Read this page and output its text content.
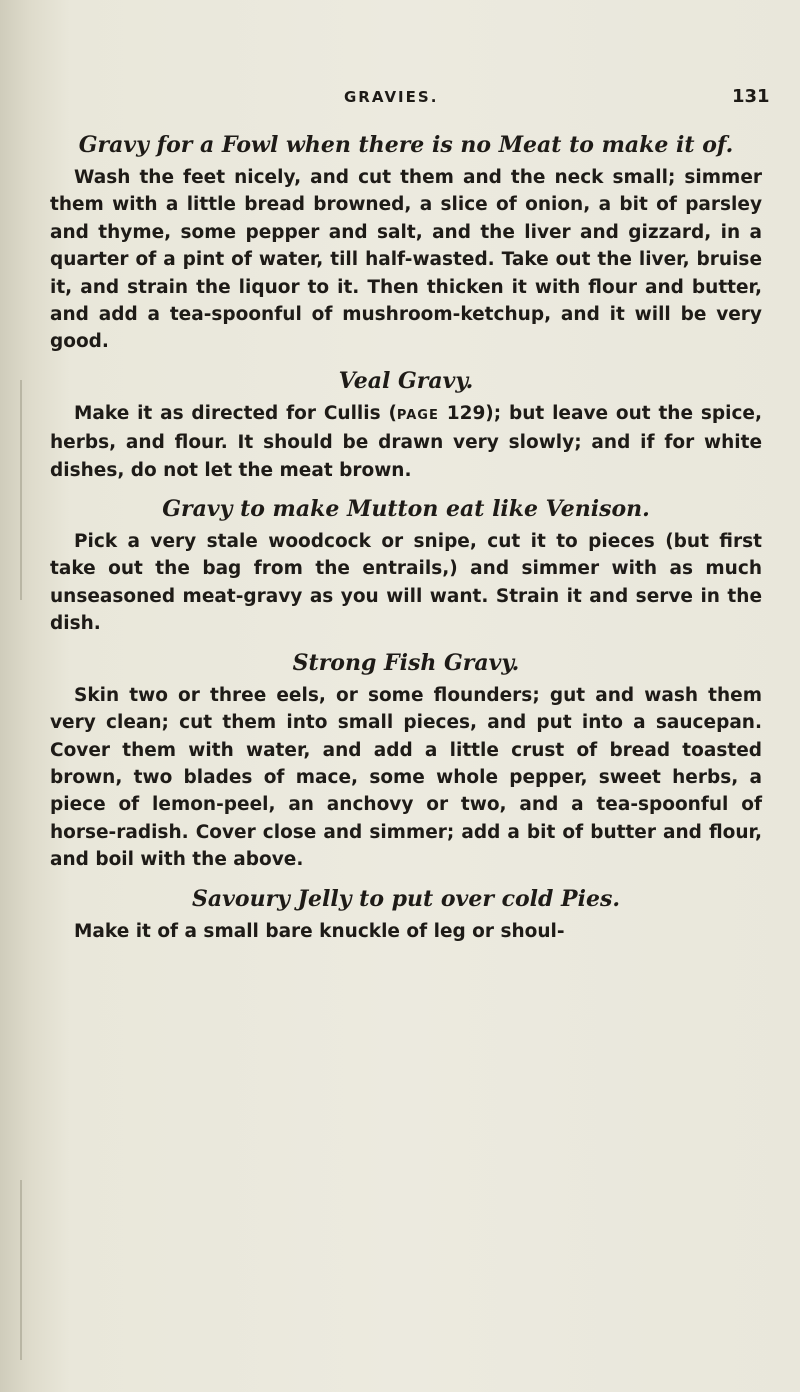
GRAVIES.	131
Gravy for a Fowl when there is no Meat to make it of.

Wash the feet nicely, and cut them and the neck small; simmer them with a little bread browned, a slice of onion, a bit of parsley and thyme, some pepper and salt, and the liver and gizzard, in a quarter of a pint of water, till half-wasted. Take out the liver, bruise it, and strain the liquor to it. Then thicken it with flour and butter, and add a tea-spoonful of mushroom-ketchup, and it will be very good.

Veal Gravy.

Make it as directed for Cullis (PAGE 129); but leave out the spice, herbs, and flour. It should be drawn very slowly; and if for white dishes, do not let the meat brown.

Gravy to make Mutton eat like Venison.

Pick a very stale woodcock or snipe, cut it to pieces (but first take out the bag from the entrails,) and simmer with as much unseasoned meat-gravy as you will want. Strain it and serve in the dish.

Strong Fish Gravy.

Skin two or three eels, or some flounders; gut and wash them very clean; cut them into small pieces, and put into a saucepan. Cover them with water, and add a little crust of bread toasted brown, two blades of mace, some whole pepper, sweet herbs, a piece of lemon-peel, an anchovy or two, and a tea-spoonful of horse-radish. Cover close and simmer; add a bit of butter and flour, and boil with the above.

Savoury Jelly to put over cold Pies.

Make it of a small bare knuckle of leg or shoul-
